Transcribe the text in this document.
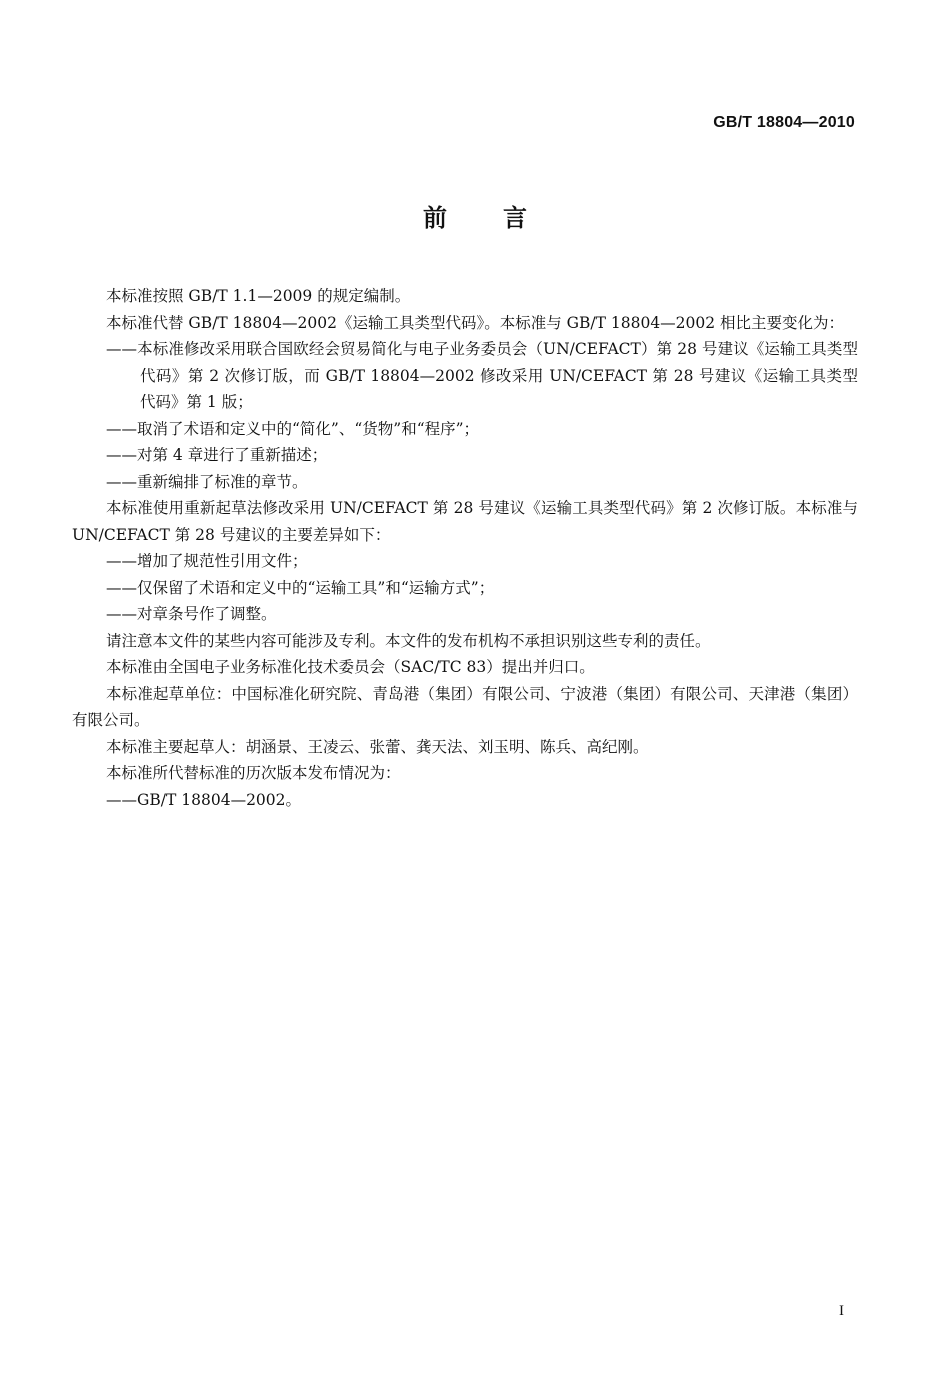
GB/T 18804—2010
前言

本标准按照 GB/T 1.1—2009 的规定编制。

本标准代替 GB/T 18804—2002《运输工具类型代码》。本标准与 GB/T 18804—2002 相比主要变化为：

——本标准修改采用联合国欧经会贸易简化与电子业务委员会（UN/CEFACT）第 28 号建议《运输工具类型代码》第 2 次修订版，而 GB/T 18804—2002 修改采用 UN/CEFACT 第 28 号建议《运输工具类型代码》第 1 版；

——取消了术语和定义中的“简化”、“货物”和“程序”；

——对第 4 章进行了重新描述；

——重新编排了标准的章节。

本标准使用重新起草法修改采用 UN/CEFACT 第 28 号建议《运输工具类型代码》第 2 次修订版。本标准与 UN/CEFACT 第 28 号建议的主要差异如下：

——增加了规范性引用文件；

——仅保留了术语和定义中的“运输工具”和“运输方式”；

——对章条号作了调整。

请注意本文件的某些内容可能涉及专利。本文件的发布机构不承担识别这些专利的责任。

本标准由全国电子业务标准化技术委员会（SAC/TC 83）提出并归口。

本标准起草单位：中国标准化研究院、青岛港（集团）有限公司、宁波港（集团）有限公司、天津港（集团）有限公司。

本标准主要起草人：胡涵景、王凌云、张蕾、龚天法、刘玉明、陈兵、高纪刚。

本标准所代替标准的历次版本发布情况为：

——GB/T 18804—2002。

I
